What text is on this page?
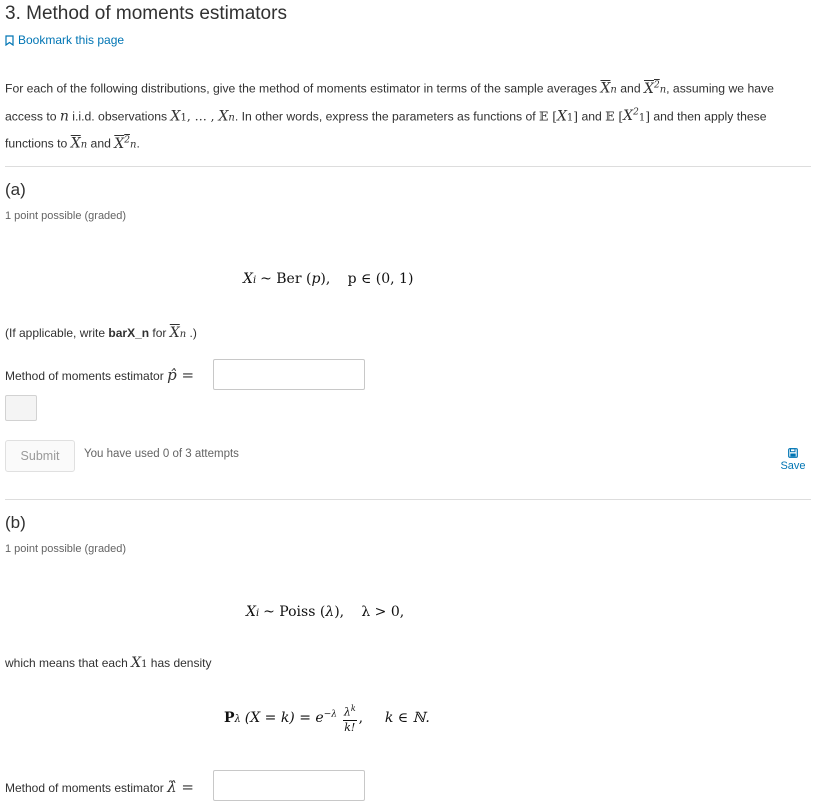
3. Method of moments estimators
Bookmark this page
For each of the following distributions, give the method of moments estimator in terms of the sample averages $\overline{X}n$ and $X^2n$, assuming we have access to n i.i.d. observations X1, … , Xn. In other words, express the parameters as functions of 𝔼 [X1] and 𝔼 $[X^21]$ and then apply these functions to $\overline{X}n$ and $X^2n$.
(a)
1 point possible (graded)
Xi ~ Ber (p),    p ∈ (0, 1)
(If applicable, write barX_n for $\overline{X}n$ .)
Method of moments estimator p̂ =
Submit	You have used 0 of 3 attempts
Save
(b)
1 point possible (graded)
Xi ~ Poiss (λ),    λ > 0,
which means that each X1 has density
Pλ $(X = k) = e^{-\lambda} \frac{\lambda^k}{k!}$ ,     k ∈ ℕ.
Method of moments estimator λ̂ =
